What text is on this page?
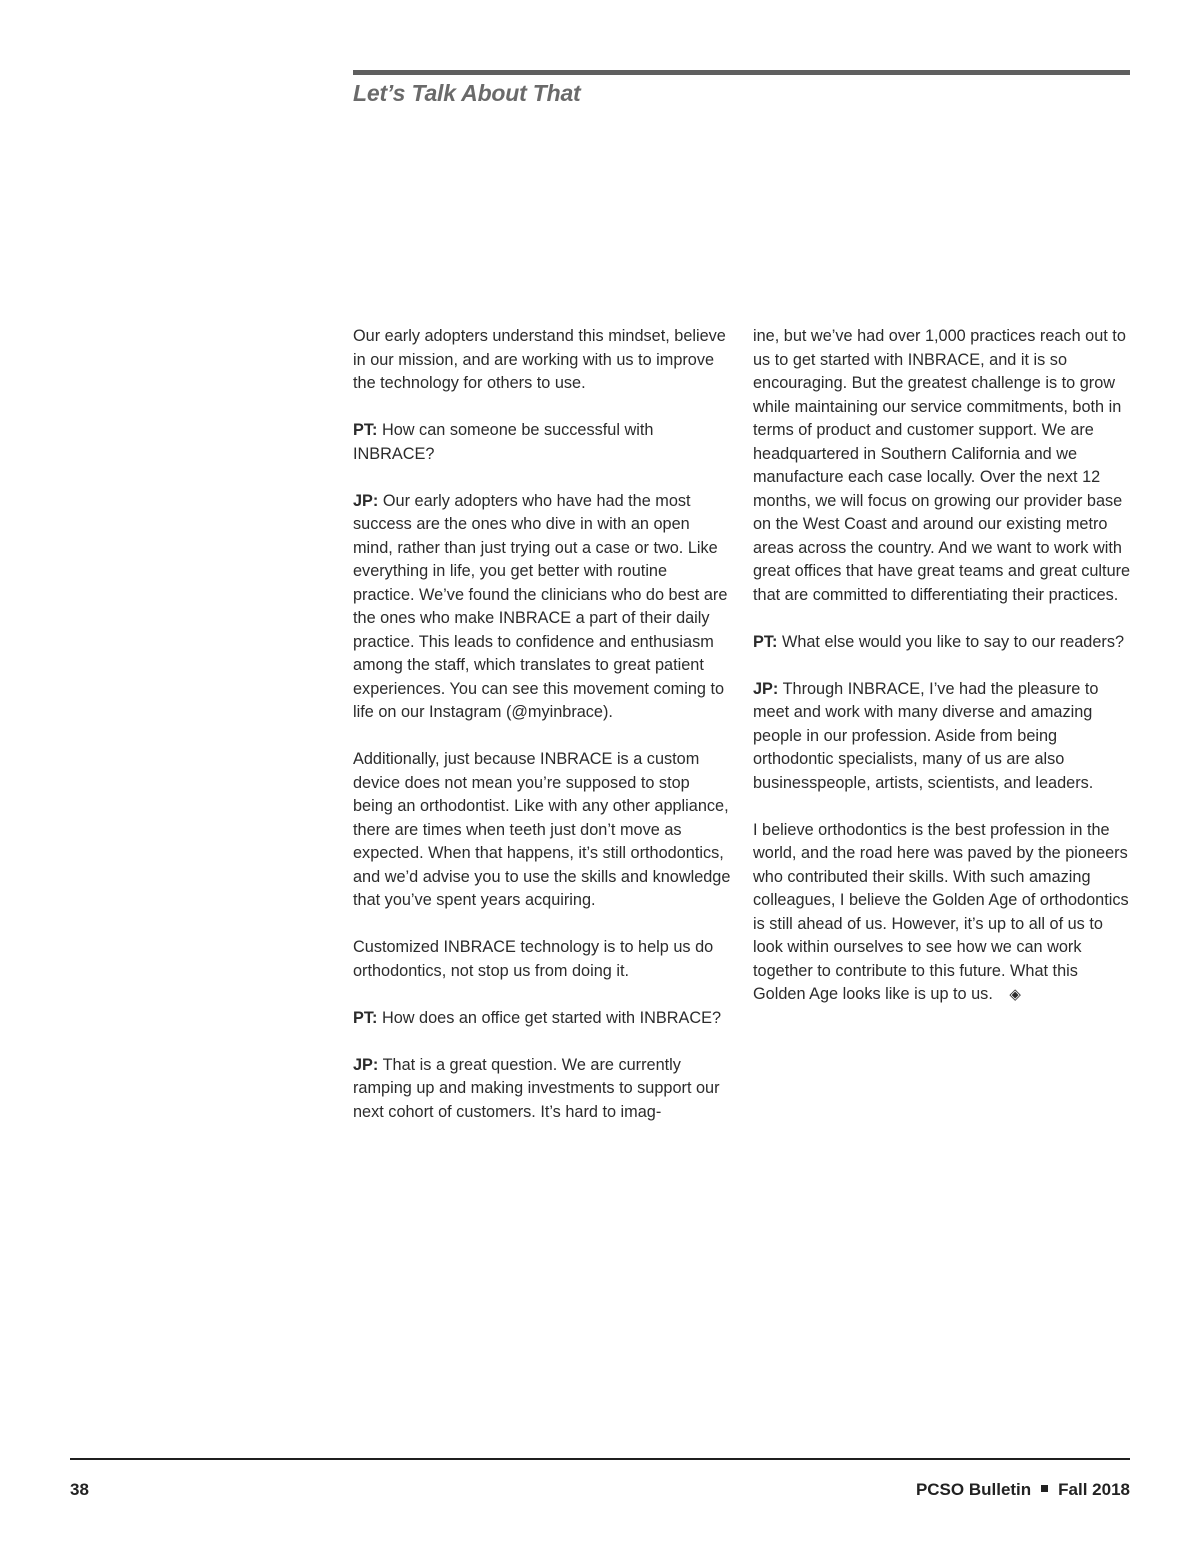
Let’s Talk About That

Our early adopters understand this mindset, believe in our mission, and are working with us to improve the technology for others to use.

PT: How can someone be successful with INBRACE?

JP: Our early adopters who have had the most success are the ones who dive in with an open mind, rather than just trying out a case or two. Like everything in life, you get better with routine practice. We’ve found the clinicians who do best are the ones who make INBRACE a part of their daily practice. This leads to confidence and enthusiasm among the staff, which translates to great patient experiences. You can see this movement coming to life on our Instagram (@myinbrace).

Additionally, just because INBRACE is a custom device does not mean you’re supposed to stop being an orthodontist. Like with any other appliance, there are times when teeth just don’t move as expected. When that happens, it’s still orthodontics, and we’d advise you to use the skills and knowledge that you’ve spent years acquiring.

Customized INBRACE technology is to help us do orthodontics, not stop us from doing it.

PT: How does an office get started with INBRACE?

JP: That is a great question. We are currently ramping up and making investments to support our next cohort of customers. It’s hard to imag-

ine, but we’ve had over 1,000 practices reach out to us to get started with INBRACE, and it is so encouraging. But the greatest challenge is to grow while maintaining our service commitments, both in terms of product and customer support. We are headquartered in Southern California and we manufacture each case locally. Over the next 12 months, we will focus on growing our provider base on the West Coast and around our existing metro areas across the country. And we want to work with great offices that have great teams and great culture that are committed to differentiating their practices.

PT: What else would you like to say to our readers?

JP: Through INBRACE, I’ve had the pleasure to meet and work with many diverse and amazing people in our profession. Aside from being orthodontic specialists, many of us are also businesspeople, artists, scientists, and leaders.

I believe orthodontics is the best profession in the world, and the road here was paved by the pioneers who contributed their skills. With such amazing colleagues, I believe the Golden Age of orthodontics is still ahead of us. However, it’s up to all of us to look within ourselves to see how we can work together to contribute to this future. What this Golden Age looks like is up to us. ◈

38	PCSO Bulletin Fall 2018
